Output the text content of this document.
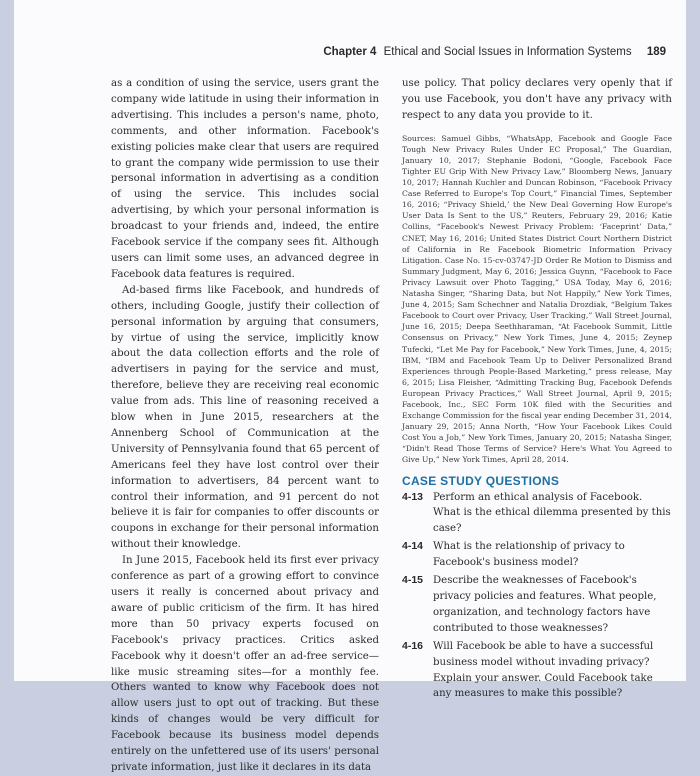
Chapter 4 Ethical and Social Issues in Information Systems 189

as a condition of using the service, users grant the company wide latitude in using their information in advertising. This includes a person's name, photo, comments, and other information. Facebook's existing policies make clear that users are required to grant the company wide permission to use their personal information in advertising as a condition of using the service. This includes social advertising, by which your personal information is broadcast to your friends and, indeed, the entire Facebook service if the company sees fit. Although users can limit some uses, an advanced degree in Facebook data features is required.

Ad-based firms like Facebook, and hundreds of others, including Google, justify their collection of personal information by arguing that consumers, by virtue of using the service, implicitly know about the data collection efforts and the role of advertisers in paying for the service and must, therefore, believe they are receiving real economic value from ads. This line of reasoning received a blow when in June 2015, researchers at the Annenberg School of Communication at the University of Pennsylvania found that 65 percent of Americans feel they have lost control over their information to advertisers, 84 percent want to control their information, and 91 percent do not believe it is fair for companies to offer discounts or coupons in exchange for their personal information without their knowledge.

In June 2015, Facebook held its first ever privacy conference as part of a growing effort to convince users it really is concerned about privacy and aware of public criticism of the firm. It has hired more than 50 privacy experts focused on Facebook's privacy practices. Critics asked Facebook why it doesn't offer an ad-free service—like music streaming sites—for a monthly fee. Others wanted to know why Facebook does not allow users just to opt out of tracking. But these kinds of changes would be very difficult for Facebook because its business model depends entirely on the unfettered use of its users' personal private information, just like it declares in its data

use policy. That policy declares very openly that if you use Facebook, you don't have any privacy with respect to any data you provide to it.

Sources: Samuel Gibbs, “WhatsApp, Facebook and Google Face Tough New Privacy Rules Under EC Proposal,” The Guardian, January 10, 2017; Stephanie Bodoni, “Google, Facebook Face Tighter EU Grip With New Privacy Law,” Bloomberg News, January 10, 2017; Hannah Kuchler and Duncan Robinson, “Facebook Privacy Case Referred to Europe's Top Court,” Financial Times, September 16, 2016; “Privacy Shield,’ the New Deal Governing How Europe's User Data Is Sent to the US,” Reuters, February 29, 2016; Katie Collins, “Facebook's Newest Privacy Problem: ‘Faceprint’ Data,” CNET, May 16, 2016; United States District Court Northern District of California in Re Facebook Biometric Information Privacy Litigation. Case No. 15-cv-03747-JD Order Re Motion to Dismiss and Summary Judgment, May 6, 2016; Jessica Guynn, “Facebook to Face Privacy Lawsuit over Photo Tagging,” USA Today, May 6, 2016; Natasha Singer, “Sharing Data, but Not Happily,” New York Times, June 4, 2015; Sam Schechner and Natalia Drozdiak, “Belgium Takes Facebook to Court over Privacy, User Tracking,” Wall Street Journal, June 16, 2015; Deepa Seethharaman, “At Facebook Summit, Little Consensus on Privacy,” New York Times, June 4, 2015; Zeynep Tufecki, “Let Me Pay for Facebook,” New York Times, June, 4, 2015; IBM, “IBM and Facebook Team Up to Deliver Personalized Brand Experiences through People-Based Marketing,” press release, May 6, 2015; Lisa Fleisher, “Admitting Tracking Bug, Facebook Defends European Privacy Practices,” Wall Street Journal, April 9, 2015; Facebook, Inc., SEC Form 10K filed with the Securities and Exchange Commission for the fiscal year ending December 31, 2014, January 29, 2015; Anna North, “How Your Facebook Likes Could Cost You a Job,” New York Times, January 20, 2015; Natasha Singer, “Didn't Read Those Terms of Service? Here's What You Agreed to Give Up,” New York Times, April 28, 2014.

CASE STUDY QUESTIONS
4-13 Perform an ethical analysis of Facebook. What is the ethical dilemma presented by this case?
4-14 What is the relationship of privacy to Facebook's business model?
4-15 Describe the weaknesses of Facebook's privacy policies and features. What people, organization, and technology factors have contributed to those weaknesses?
4-16 Will Facebook be able to have a successful business model without invading privacy? Explain your answer. Could Facebook take any measures to make this possible?
